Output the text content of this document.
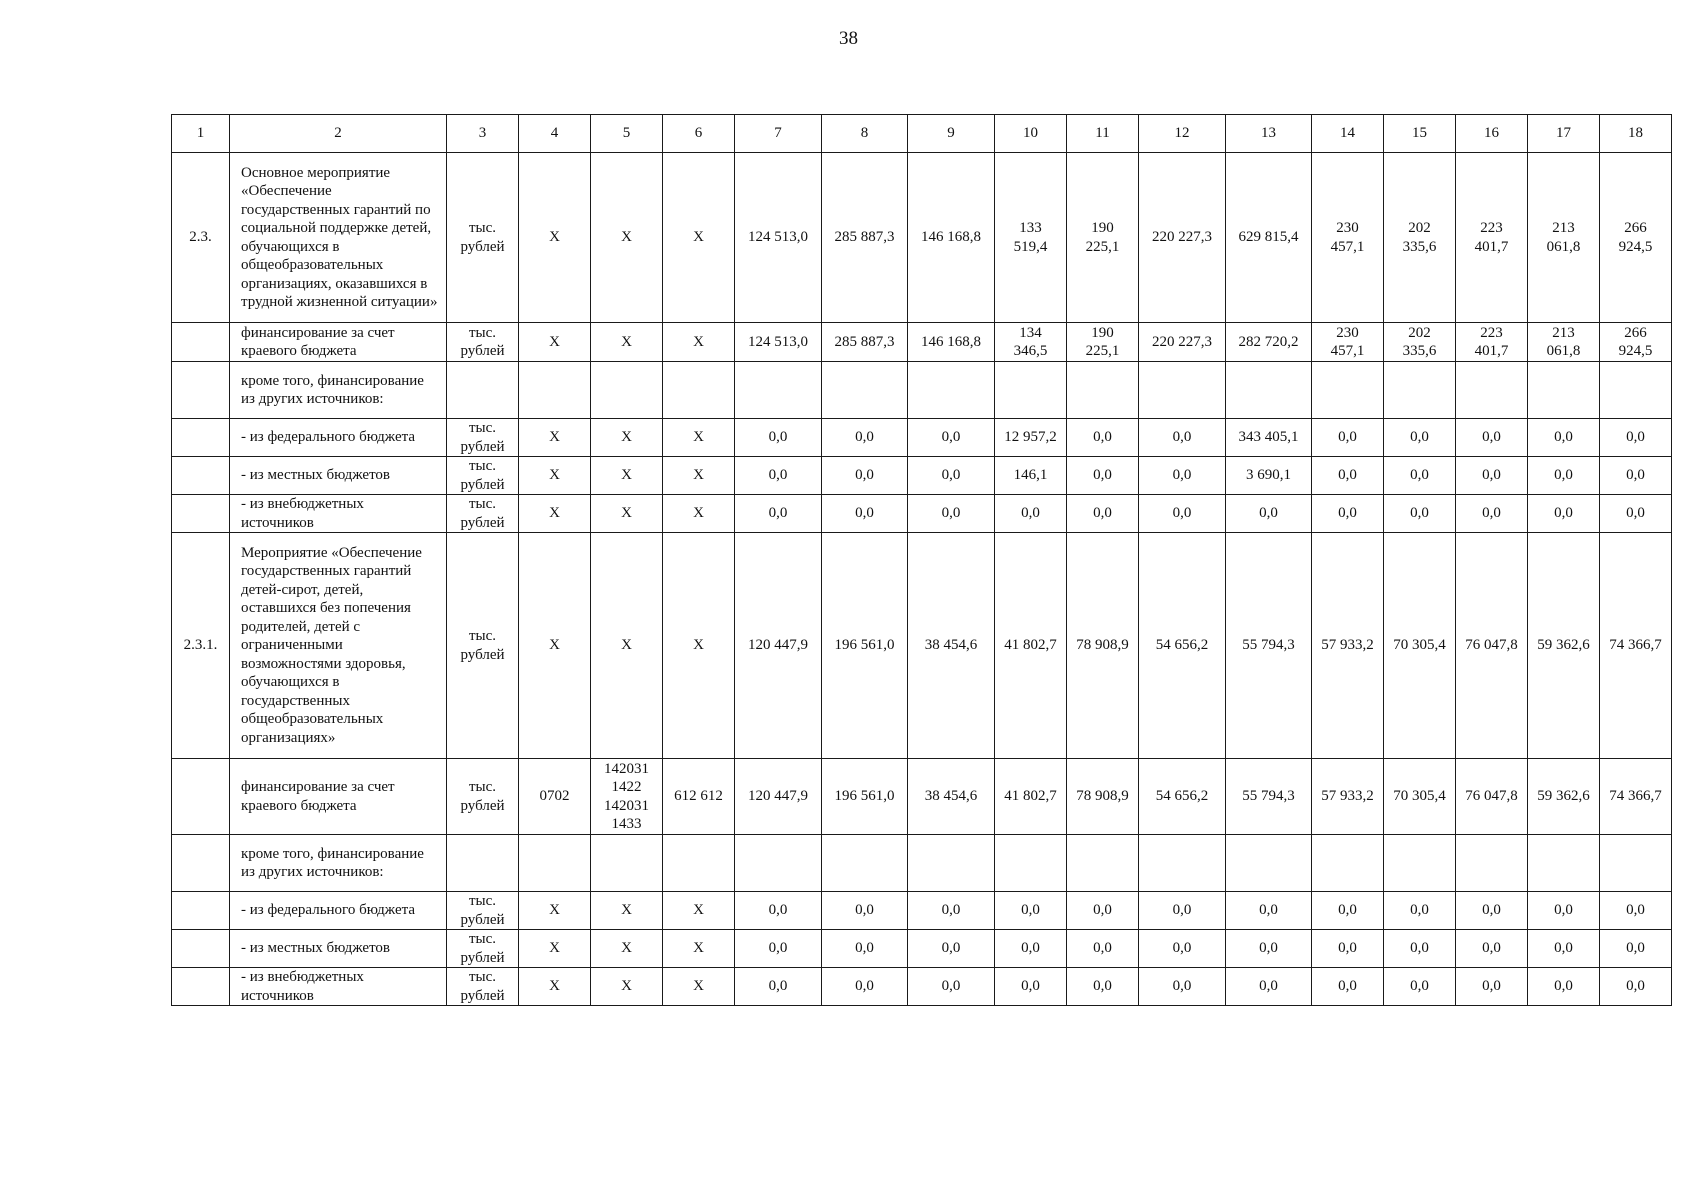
38
1	2	3	4	5	6	7	8	9	10	11	12	13	14	15	16	17	18
2.3.	Основное мероприятие «Обеспечение государственных гарантий по социальной поддержке детей, обучающихся в общеобразовательных организациях, оказавшихся в трудной жизненной ситуации»	тыс. рублей	X	X	X	124 513,0	285 887,3	146 168,8	133 519,4	190 225,1	220 227,3	629 815,4	230 457,1	202 335,6	223 401,7	213 061,8	266 924,5
	финансирование за счет краевого бюджета	тыс. рублей	X	X	X	124 513,0	285 887,3	146 168,8	134 346,5	190 225,1	220 227,3	282 720,2	230 457,1	202 335,6	223 401,7	213 061,8	266 924,5
	кроме того, финансирование из других источников:																
	- из федерального бюджета	тыс. рублей	X	X	X	0,0	0,0	0,0	12 957,2	0,0	0,0	343 405,1	0,0	0,0	0,0	0,0	0,0
	- из местных бюджетов	тыс. рублей	X	X	X	0,0	0,0	0,0	146,1	0,0	0,0	3 690,1	0,0	0,0	0,0	0,0	0,0
	- из внебюджетных источников	тыс. рублей	X	X	X	0,0	0,0	0,0	0,0	0,0	0,0	0,0	0,0	0,0	0,0	0,0	0,0
2.3.1.	Мероприятие «Обеспечение государственных гарантий детей-сирот, детей, оставшихся без попечения родителей, детей с ограниченными возможностями здоровья, обучающихся в государственных общеобразовательных организациях»	тыс. рублей	X	X	X	120 447,9	196 561,0	38 454,6	41 802,7	78 908,9	54 656,2	55 794,3	57 933,2	70 305,4	76 047,8	59 362,6	74 366,7
	финансирование за счет краевого бюджета	тыс. рублей	0702	142031 1422 142031 1433	612 612	120 447,9	196 561,0	38 454,6	41 802,7	78 908,9	54 656,2	55 794,3	57 933,2	70 305,4	76 047,8	59 362,6	74 366,7
	кроме того, финансирование из других источников:																
	- из федерального бюджета	тыс. рублей	X	X	X	0,0	0,0	0,0	0,0	0,0	0,0	0,0	0,0	0,0	0,0	0,0	0,0
	- из местных бюджетов	тыс. рублей	X	X	X	0,0	0,0	0,0	0,0	0,0	0,0	0,0	0,0	0,0	0,0	0,0	0,0
	- из внебюджетных источников	тыс. рублей	X	X	X	0,0	0,0	0,0	0,0	0,0	0,0	0,0	0,0	0,0	0,0	0,0	0,0
